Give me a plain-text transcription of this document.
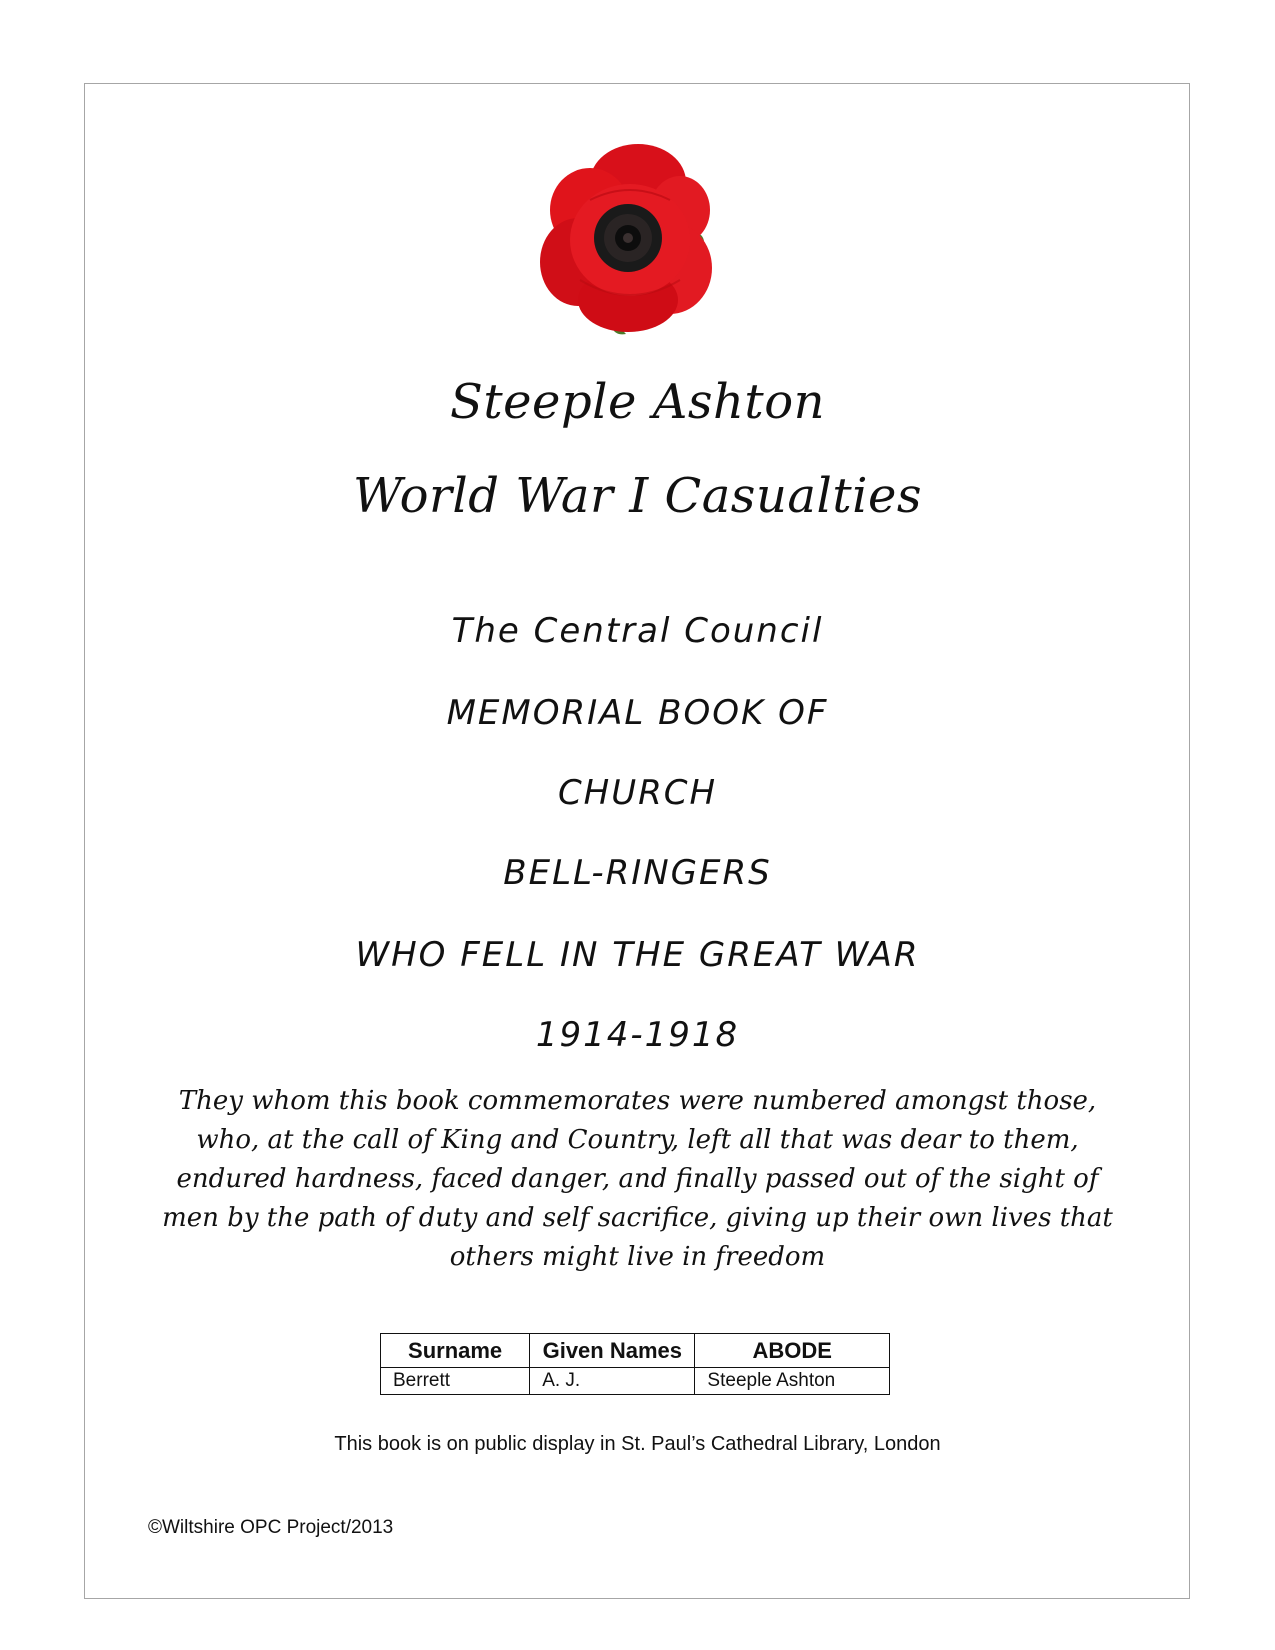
Steeple Ashton
World War I Casualties
The Central Council
MEMORIAL BOOK OF
CHURCH
BELL-RINGERS
WHO FELL IN THE GREAT WAR
1914-1918
They whom this book commemorates were numbered amongst those,
who, at the call of King and Country, left all that was dear to them,
endured hardness, faced danger, and finally passed out of the sight of
men by the path of duty and self sacrifice, giving up their own lives that
others might live in freedom
Surname	Given Names	ABODE
Berrett	A. J.	Steeple Ashton
This book is on public display in St. Paul’s Cathedral Library, London
©Wiltshire OPC Project/2013
